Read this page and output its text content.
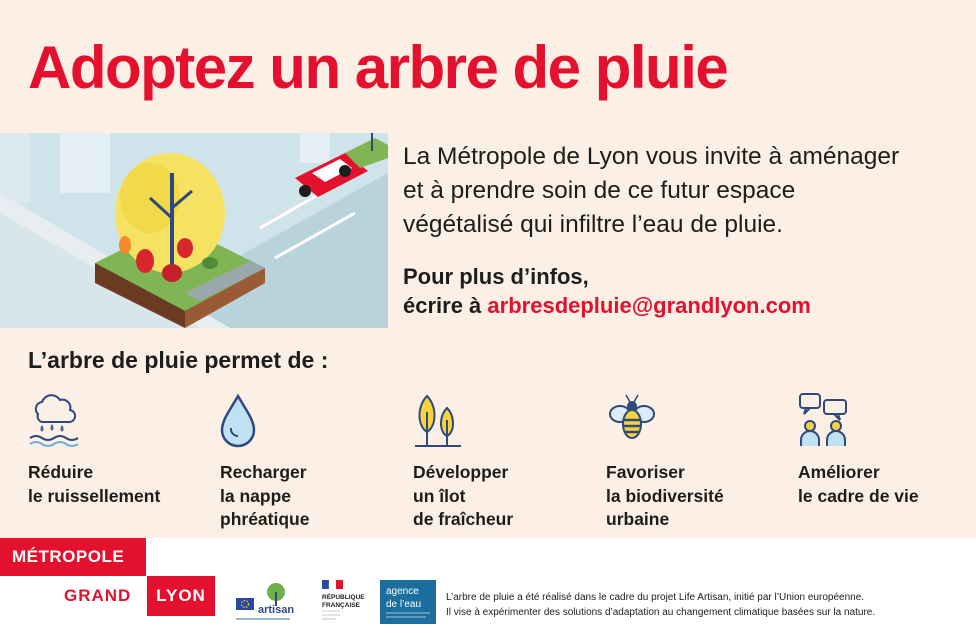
Adoptez un arbre de pluie
La Métropole de Lyon vous invite à aménager
et à prendre soin de ce futur espace
végétalisé qui infiltre l’eau de pluie.
Pour plus d’infos,
écrire à arbresdepluie@grandlyon.com
L’arbre de pluie permet de :
Réduire
le ruissellement
Recharger
la nappe
phréatique
Développer
un îlot
de fraîcheur
Favoriser
la biodiversité
urbaine
Améliorer
le cadre de vie
MÉTROPOLE
GRAND	LYON
artisan
RÉPUBLIQUE
FRANÇAISE
agence
de l’eau
L’arbre de pluie a été réalisé dans le cadre du projet Life Artisan, initié par l’Union européenne.
Il vise à expérimenter des solutions d’adaptation au changement climatique basées sur la nature.
